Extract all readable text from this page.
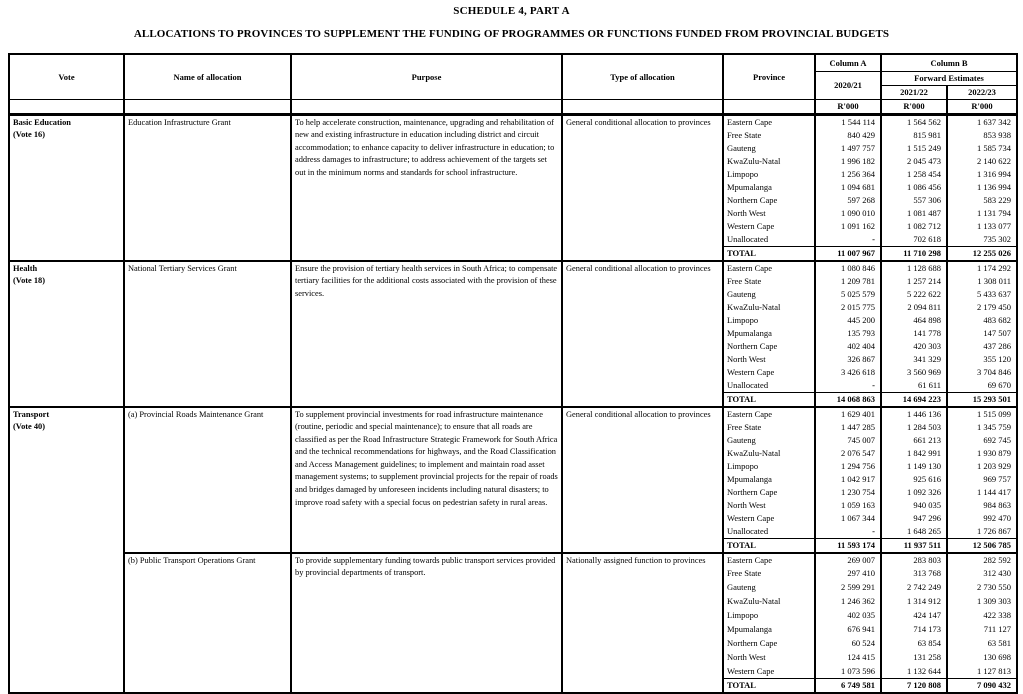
SCHEDULE 4, PART A
ALLOCATIONS TO PROVINCES TO SUPPLEMENT THE FUNDING OF PROGRAMMES OR FUNCTIONS FUNDED FROM PROVINCIAL BUDGETS
Vote	Name of allocation	Purpose	Type of allocation	Province	Column A	Column B	
					2020/21	Forward Estimates	
						2021/22	2022/23
					R'000	R'000	R'000

Basic Education
(Vote 16)	Education Infrastructure Grant	To help accelerate construction, maintenance, upgrading and rehabilitation of new and existing infrastructure in education including district and circuit accommodation; to enhance capacity to deliver infrastructure in education; to address damages to infrastructure; to address achievement of the targets set out in the minimum norms and standards for school infrastructure.	General conditional allocation to provinces	Eastern Cape	1 544 114	1 564 562	1 637 342
				Free State	840 429	815 981	853 938
				Gauteng	1 497 757	1 515 249	1 585 734
				KwaZulu-Natal	1 996 182	2 045 473	2 140 622
				Limpopo	1 256 364	1 258 454	1 316 994
				Mpumalanga	1 094 681	1 086 456	1 136 994
				Northern Cape	597 268	557 306	583 229
				North West	1 090 010	1 081 487	1 131 794
				Western Cape	1 091 162	1 082 712	1 133 077
				Unallocated	-	702 618	735 302
				TOTAL	11 007 967	11 710 298	12 255 026

Health
(Vote 18)	National Tertiary Services Grant	Ensure the provision of tertiary health services in South Africa; to compensate tertiary facilities for the additional costs associated with the provision of these services.	General conditional allocation to provinces	Eastern Cape	1 080 846	1 128 688	1 174 292
				Free State	1 209 781	1 257 214	1 308 011
				Gauteng	5 025 579	5 222 622	5 433 637
				KwaZulu-Natal	2 015 775	2 094 811	2 179 450
				Limpopo	445 200	464 898	483 682
				Mpumalanga	135 793	141 778	147 507
				Northern Cape	402 404	420 303	437 286
				North West	326 867	341 329	355 120
				Western Cape	3 426 618	3 560 969	3 704 846
				Unallocated	-	61 611	69 670
				TOTAL	14 068 863	14 694 223	15 293 501

Transport
(Vote 40)	(a) Provincial Roads Maintenance Grant	To supplement provincial investments for road infrastructure maintenance (routine, periodic and special maintenance); to ensure that all roads are classified as per the Road Infrastructure Strategic Framework for South Africa and the technical recommendations for highways, and the Road Classification and Access Management guidelines; to implement and maintain road asset management systems; to supplement provincial projects for the repair of roads and bridges damaged by unforeseen incidents including natural disasters; to improve road safety with a special focus on pedestrian safety in rural areas.	General conditional allocation to provinces	Eastern Cape	1 629 401	1 446 136	1 515 099
				Free State	1 447 285	1 284 503	1 345 759
				Gauteng	745 007	661 213	692 745
				KwaZulu-Natal	2 076 547	1 842 991	1 930 879
				Limpopo	1 294 756	1 149 130	1 203 929
				Mpumalanga	1 042 917	925 616	969 757
				Northern Cape	1 230 754	1 092 326	1 144 417
				North West	1 059 163	940 035	984 863
				Western Cape	1 067 344	947 296	992 470
				Unallocated	-	1 648 265	1 726 867
				TOTAL	11 593 174	11 937 511	12 506 785
	(b) Public Transport Operations Grant	To provide supplementary funding towards public transport services provided by provincial departments of transport.	Nationally assigned function to provinces	Eastern Cape	269 007	283 803	282 592
				Free State	297 410	313 768	312 430
				Gauteng	2 599 291	2 742 249	2 730 550
				KwaZulu-Natal	1 246 362	1 314 912	1 309 303
				Limpopo	402 035	424 147	422 338
				Mpumalanga	676 941	714 173	711 127
				Northern Cape	60 524	63 854	63 581
				North West	124 415	131 258	130 698
				Western Cape	1 073 596	1 132 644	1 127 813
				TOTAL	6 749 581	7 120 808	7 090 432
